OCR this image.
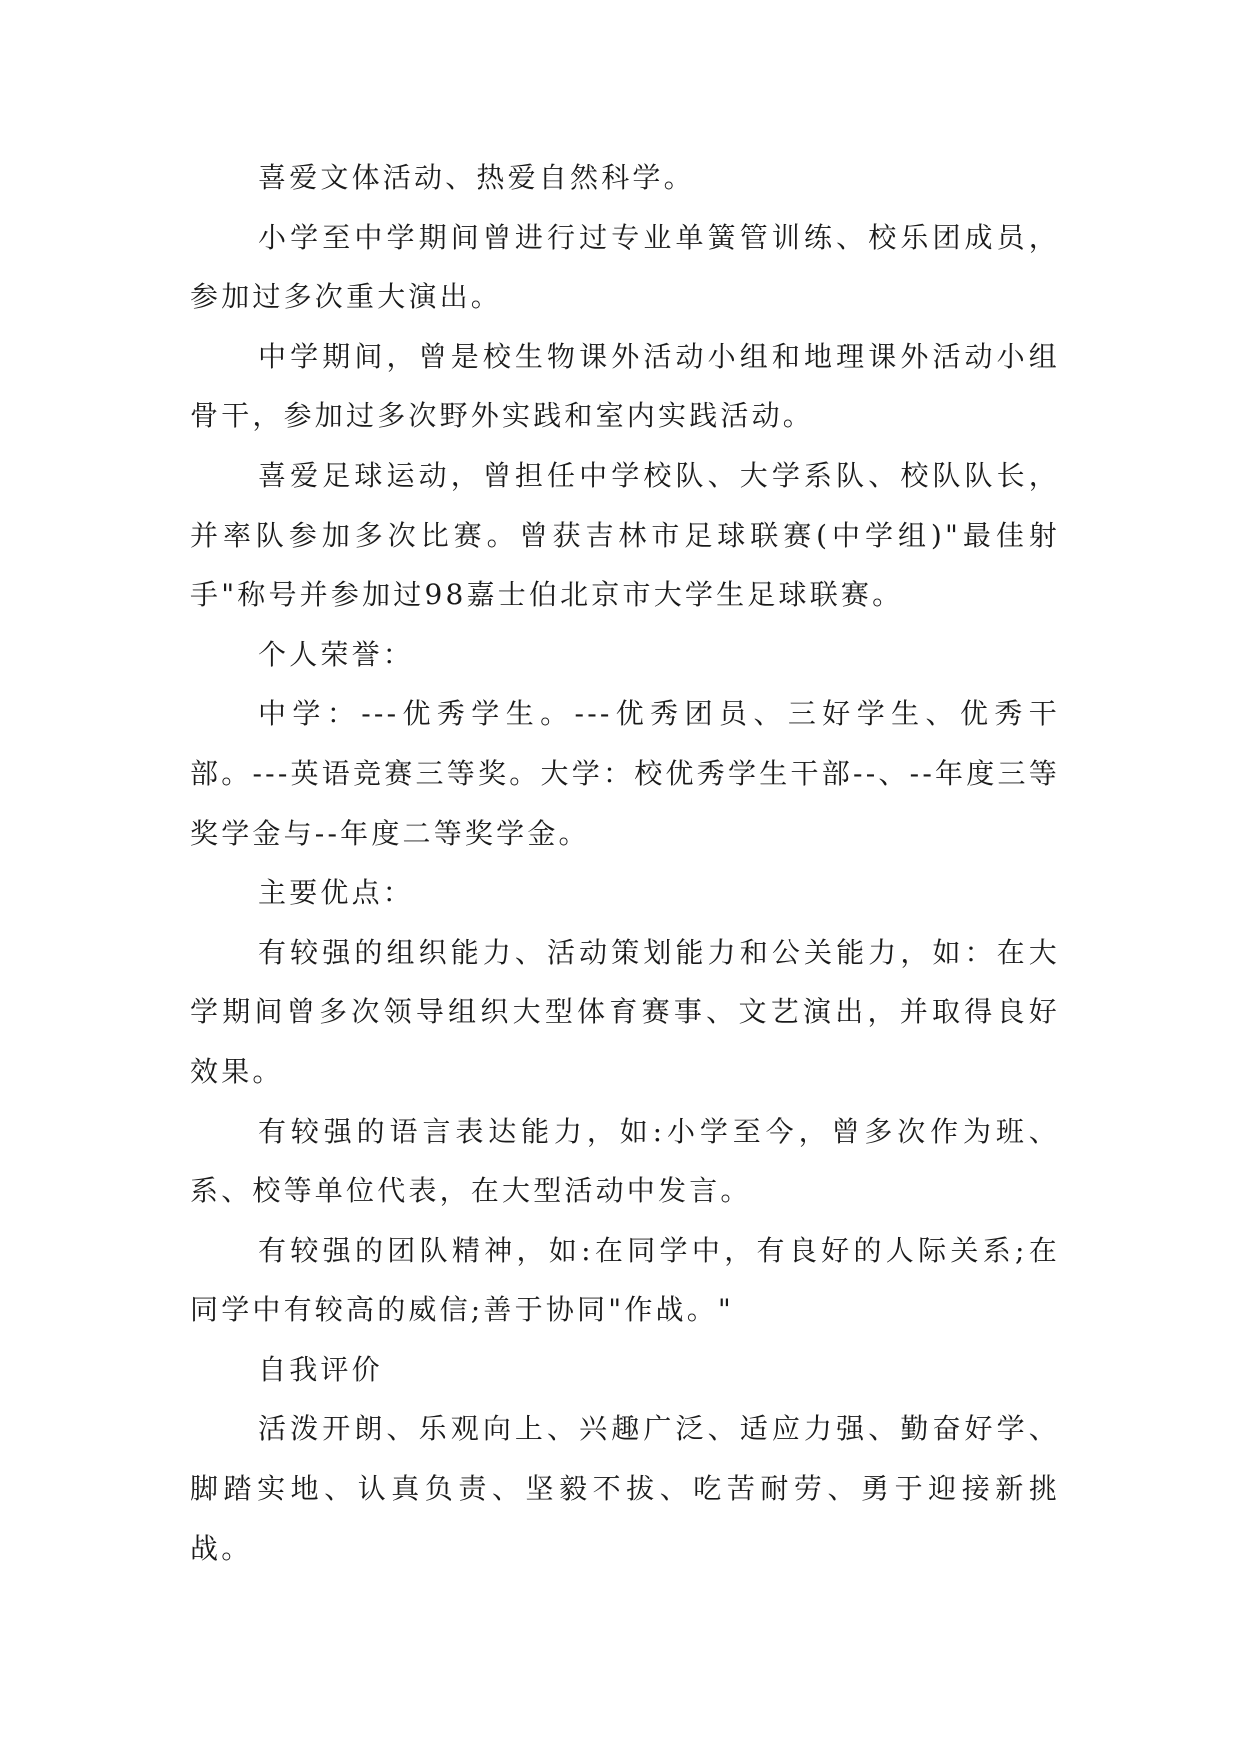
喜爱文体活动、热爱自然科学。

小学至中学期间曾进行过专业单簧管训练、校乐团成员，参加过多次重大演出。

中学期间，曾是校生物课外活动小组和地理课外活动小组骨干，参加过多次野外实践和室内实践活动。

喜爱足球运动，曾担任中学校队、大学系队、校队队长，并率队参加多次比赛。曾获吉林市足球联赛(中学组)"最佳射手"称号并参加过98嘉士伯北京市大学生足球联赛。

个人荣誉：

中学：---优秀学生。---优秀团员、三好学生、优秀干部。---英语竞赛三等奖。大学：校优秀学生干部--、--年度三等奖学金与--年度二等奖学金。

主要优点：

有较强的组织能力、活动策划能力和公关能力，如：在大学期间曾多次领导组织大型体育赛事、文艺演出，并取得良好效果。

有较强的语言表达能力，如:小学至今，曾多次作为班、系、校等单位代表，在大型活动中发言。

有较强的团队精神，如:在同学中，有良好的人际关系;在同学中有较高的威信;善于协同"作战。"

自我评价

活泼开朗、乐观向上、兴趣广泛、适应力强、勤奋好学、脚踏实地、认真负责、坚毅不拔、吃苦耐劳、勇于迎接新挑战。
